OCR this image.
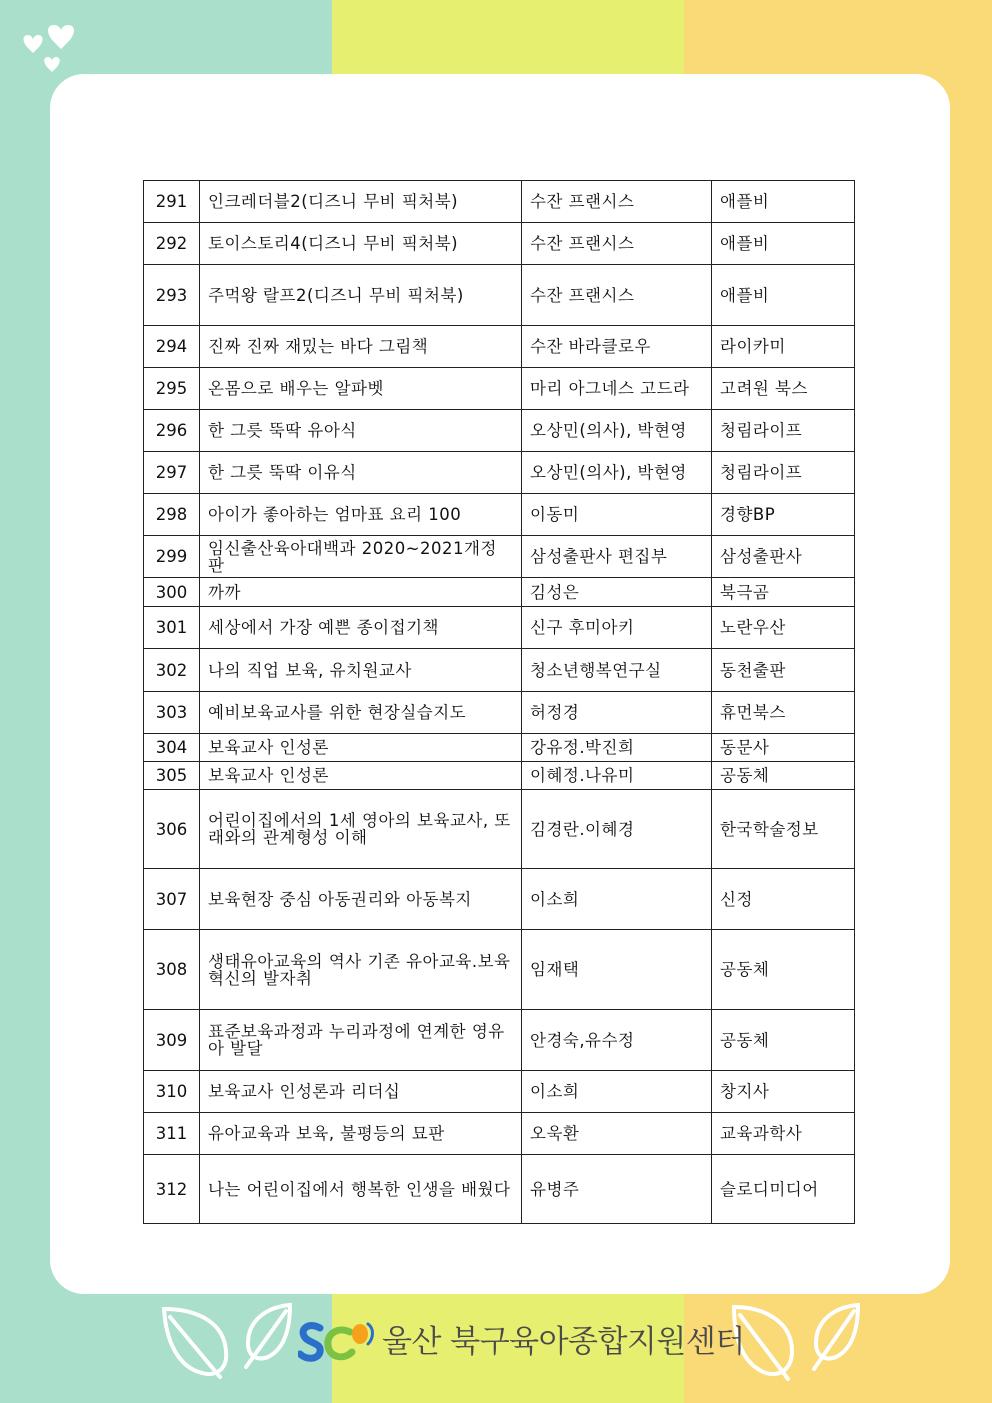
291	인크레더블2(디즈니 무비 픽처북)	수잔 프랜시스	애플비
292	토이스토리4(디즈니 무비 픽처북)	수잔 프랜시스	애플비
293	주먹왕 랄프2(디즈니 무비 픽처북)	수잔 프랜시스	애플비
294	진짜 진짜 재밌는 바다 그림책	수잔 바라클로우	라이카미
295	온몸으로 배우는 알파벳	마리 아그네스 고드라	고려원 북스
296	한 그릇 뚝딱 유아식	오상민(의사), 박현영	청림라이프
297	한 그릇 뚝딱 이유식	오상민(의사), 박현영	청림라이프
298	아이가 좋아하는 엄마표 요리 100	이동미	경향BP
299	임신출산육아대백과 2020~2021개정판	삼성출판사 편집부	삼성출판사
300	까까	김성은	북극곰
301	세상에서 가장 예쁜 종이접기책	신구 후미아키	노란우산
302	나의 직업 보육, 유치원교사	청소년행복연구실	동천출판
303	예비보육교사를 위한 현장실습지도	허정경	휴먼북스
304	보육교사 인성론	강유정.박진희	동문사
305	보육교사 인성론	이혜정.나유미	공동체
306	어린이집에서의 1세 영아의 보육교사, 또래와의 관계형성 이해	김경란.이혜경	한국학술정보
307	보육현장 중심 아동권리와 아동복지	이소희	신정
308	생태유아교육의 역사 기존 유아교육.보육 혁신의 발자취	임재택	공동체
309	표준보육과정과 누리과정에 연계한 영유아 발달	안경숙,유수정	공동체
310	보육교사 인성론과 리더십	이소희	창지사
311	유아교육과 보육, 불평등의 묘판	오욱환	교육과학사
312	나는 어린이집에서 행복한 인생을 배웠다	유병주	슬로디미디어
울산 북구육아종합지원센터
